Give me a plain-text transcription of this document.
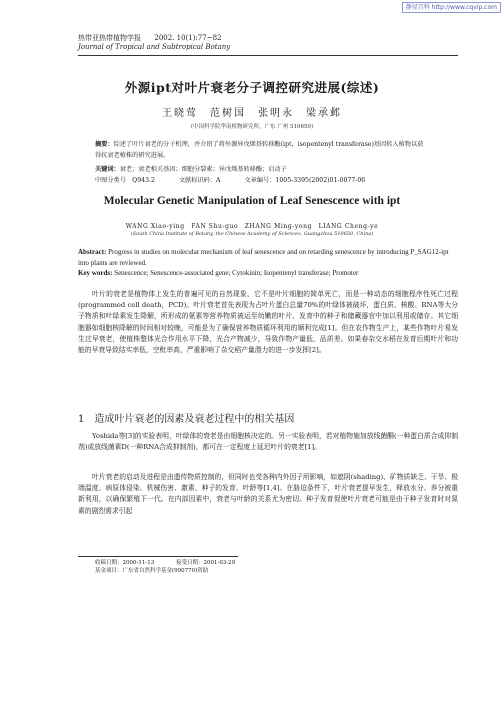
静径百科 http://www.cqvip.com
热带亚热带植物学报 2002. 10(1):77~82
Journal of Tropical and Subtropical Botany
外源ipt对叶片衰老分子调控研究进展(综述)
王晓莺　范树国　张明永　梁承邺
(中国科学院华南植物研究所，广东 广州 510650)
摘要：综述了叶片衰老的分子机理，并介绍了将外源异戊烯基转移酶(ipt，isopentenyl transferase)基因转入植物以获得抗衰老植株的研究进展。
关键词：衰老；衰老相关基因；细胞分裂素；异戊烯基转移酶；启动子
中图分类号　Q943.2	文献标识码：A	文章编号：1005-3395(2002)01-0077-06
Molecular Genetic Manipulation of Leaf Senescence with ipt
WANG Xiao-ying　FAN Shu-guo　ZHANG Ming-yong　LIANG Cheng-ye
(South China Institute of Botany, the Chinese Academy of Sciences, Guangzhou 510650, China)
Abstract: Progress in studies on molecular mechanism of leaf senescence and on retarding senescence by introducing P_SAG12-ipt into plants are reviewed.
Key words: Senescence; Senescence-associated gene; Cytokinin; Isopentenyl transferase; Promoter
叶片的衰老是植物体上发生的普遍可见的自然现象，它不是叶片细胞的简单死亡，而是一种动态的细胞程序性死亡过程(programmed cell death，PCD)。叶片衰老首先表现为占叶片蛋白总量70%的叶绿体被破坏，蛋白质、核酸、RNA等大分子物质和叶绿素发生降解，所形成的氨素等营养物质被运至幼嫩的叶片、发育中的种子和储藏器官中加以利用或储存。其它细胞器如细胞核降解的时间相对较晚，可能是为了确保营养物质循环利用的顺利完成[1]。但在农作物生产上，某些作物叶片易发生过早衰老，使植株整体光合作用水平下降，光合产物减少，导致作物产量低、品质差。如果春杂交水稻在发育后期叶片和功能的早衰导致结实率低，空秕率高，严重影响了杂交稻产量潜力的进一步发挥[2]。
1　造成叶片衰老的因素及衰老过程中的相关基因
Yoshida等[3]的实验表明，叶绿体的衰老是由细胞核决定的。另一实验表明，若对植物施加放线菌酮(一种蛋白质合成抑制剂)或放线菌素D(一种RNA合成抑制剂)，都可在一定程度上延迟叶片的衰老[1]。
叶片衰老的启动及进程是由遗传物质控制的，但同时也受各种内外因子所影响，如遮阴(shading)、矿物质缺乏、干旱、极端温度、病原体侵染、机械伤害、激素、种子的发育、叶龄等[1,4]。在胁迫条件下，叶片衰老提早发生，释放水分、养分被重新利用，以确保繁殖下一代。在内部因素中，衰老与叶龄的关系尤为密切。种子发育促使叶片衰老可能是由于种子发育时对氮素的剧烈需求引起
收稿日期：2000-11-13	接受日期：2001-03-29
基金项目：广东省自然科学基金(990770)资助
